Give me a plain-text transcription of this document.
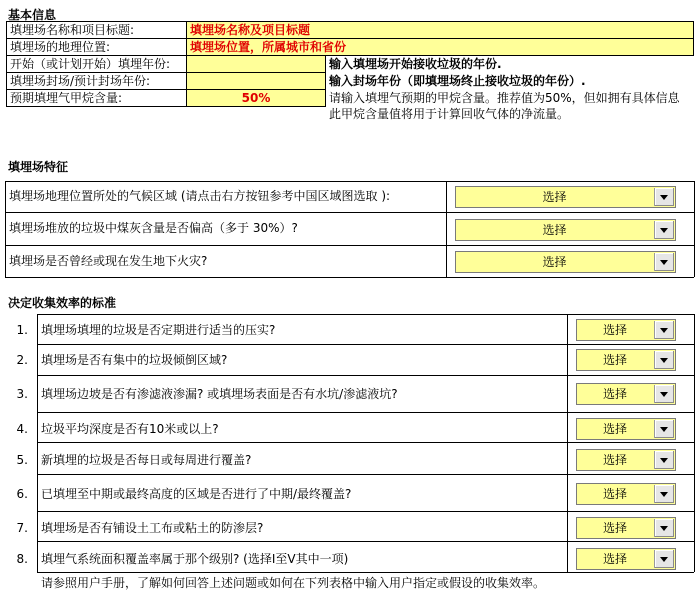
基本信息
填埋场名称和项目标题:
填埋场的地理位置:
开始（或计划开始）填埋年份:
填埋场封场/预计封场年份:
预期填埋气甲烷含量:
填埋场名称及项目标题
填埋场位置，所属城市和省份
50%
输入填埋场开始接收垃圾的年份.
输入封场年份（即填埋场终止接收垃圾的年份）.
请输入填埋气预期的甲烷含量。推荐值为50%，但如拥有具体信息
此甲烷含量值将用于计算回收气体的净流量。
填埋场特征
填埋场地理位置所处的气候区域 (请点击右方按钮参考中国区域图选取 ):
填埋场堆放的垃圾中煤灰含量是否偏高（多于 30%）?
填埋场是否曾经或现在发生地下火灾?
选择
选择
选择
决定收集效率的标准
1.
2.
3.
4.
5.
6.
7.
8.
填埋场填埋的垃圾是否定期进行适当的压实?
填埋场是否有集中的垃圾倾倒区域?
填埋场边坡是否有渗滤液渗漏? 或填埋场表面是否有水坑/渗滤液坑?
垃圾平均深度是否有10米或以上?
新填埋的垃圾是否每日或每周进行覆盖?
已填埋至中期或最终高度的区域是否进行了中期/最终覆盖?
填埋场是否有铺设土工布或粘土的防渗层?
填埋气系统面积覆盖率属于那个级别? (选择I至V其中一项)
选择
选择
选择
选择
选择
选择
选择
选择
请参照用户手册，了解如何回答上述问题或如何在下列表格中输入用户指定或假设的收集效率。
